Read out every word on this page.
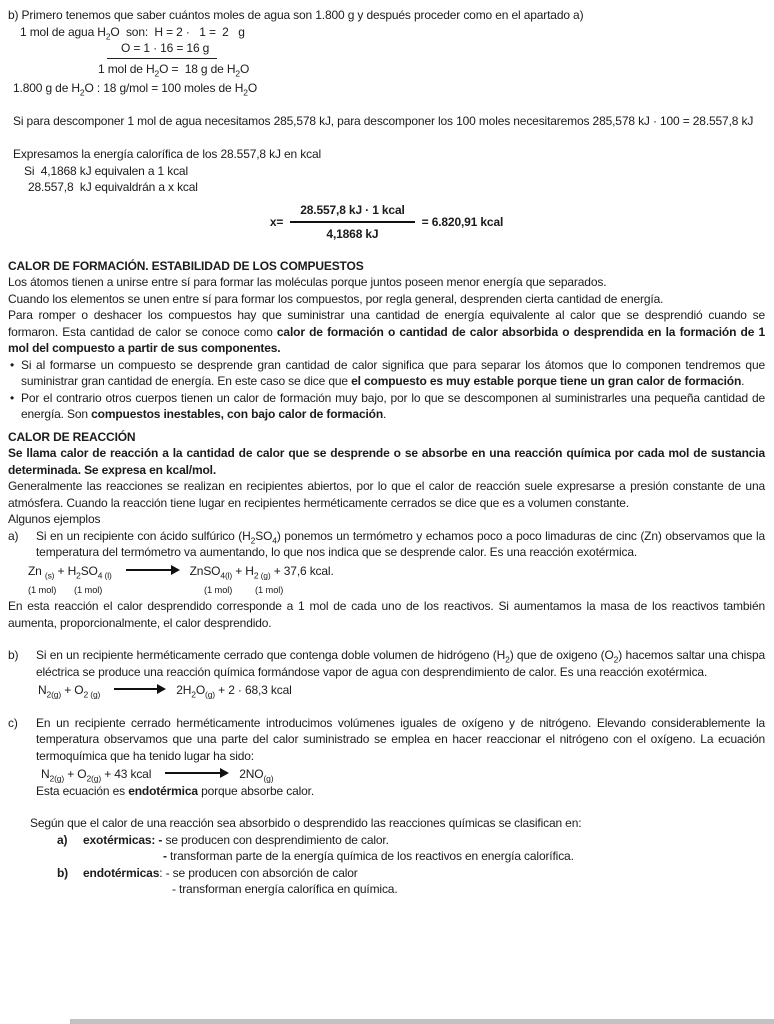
b) Primero tenemos que saber cuántos moles de agua son 1.800 g y después proceder como en el apartado a)
1 mol de agua $H_2O$  son:  H = 2 ·   1 =  2   g
O = 1 · 16 = 16 g
1 mol de $H_2O = 18$ g de $H_2O$
1.800 g de $H_2O$ : 18 g/mol = 100 moles de $H_2O$
Si para descomponer 1 mol de agua necesitamos 285,578 kJ, para descomponer los 100 moles necesitaremos 285,578 kJ · 100 = 28.557,8 kJ
Expresamos la energía calorífica de los 28.557,8 kJ en kcal
Si  4,1868 kJ equivalen a 1 kcal
28.557,8  kJ equivaldrán a x kcal
$x= \frac{\text{28.557,8 kJ · 1 kcal}}{4,1868 kJ} = 6.820,91$ kcal
CALOR DE FORMACIÓN. ESTABILIDAD DE LOS COMPUESTOS
Los átomos tienen a unirse entre sí para formar las moléculas porque juntos poseen menor energía que separados.
Cuando los elementos se unen entre sí para formar los compuestos, por regla general, desprenden cierta cantidad de energía.
Para romper o deshacer los compuestos hay que suministrar una cantidad de energía equivalente al calor que se desprendió cuando se formaron. Esta cantidad de calor se conoce como calor de formación o cantidad de calor absorbida o desprendida en la formación de 1 mol del compuesto a partir de sus componentes.
• Si al formarse un compuesto se desprende gran cantidad de calor significa que para separar los átomos que lo componen tendremos que suministrar gran cantidad de energía. En este caso se dice que el compuesto es muy estable porque tiene un gran calor de formación.
• Por el contrario otros cuerpos tienen un calor de formación muy bajo, por lo que se descomponen al suministrarles una pequeña cantidad de energía. Son compuestos inestables, con bajo calor de formación.
CALOR DE REACCIÓN
Se llama calor de reacción a la cantidad de calor que se desprende o se absorbe en una reacción química por cada mol de sustancia determinada. Se expresa en kcal/mol.
Generalmente las reacciones se realizan en recipientes abiertos, por lo que el calor de reacción suele expresarse a presión constante de una atmósfera. Cuando la reacción tiene lugar en recipientes herméticamente cerrados se dice que es a volumen constante.
Algunos ejemplos
a)	Si en un recipiente con ácido sulfúrico $(H_2SO_4)$ ponemos un termómetro y echamos poco a poco limaduras de cinc (Zn) observamos que la temperatura del termómetro va aumentando, lo que nos indica que se desprende calor. Es una reacción exotérmica.
Zn $_{(s)} + H_2SO_{4 (l)}$	ZnSO$_{4(l)}$ + $H_{2 (g)} + 37,6$ kcal.
(1 mol) (1 mol)	(1 mol) (1 mol)
En esta reacción el calor desprendido corresponde a 1 mol de cada uno de los reactivos. Si aumentamos la masa de los reactivos también aumenta, proporcionalmente, el calor desprendido.
b)	Si en un recipiente herméticamente cerrado que contenga doble volumen de hidrógeno $(H_2)$ que de oxigeno $(O_2)$ hacemos saltar una chispa eléctrica se produce una reacción química formándose vapor de agua con desprendimiento de calor. Es una reacción exotérmica.
$N_{2(g)} + O_{2 (g)}$	$2H_2O_{(g)} + 2 \cdot 68,3$ kcal
c)	En un recipiente cerrado herméticamente introducimos volúmenes iguales de oxígeno y de nitrógeno. Elevando considerablemente la temperatura observamos que una parte del calor suministrado se emplea en hacer reaccionar el nitrógeno con el oxígeno. La ecuación termoquímica que ha tenido lugar ha sido:
$N_{2(g)} + O_{2(g)} + 43$ kcal	$2NO_{(g)}$
Esta ecuación es endotérmica porque absorbe calor.
Según que el calor de una reacción sea absorbido o desprendido las reacciones químicas se clasifican en:
a)	exotérmicas: - se producen con desprendimiento de calor.
- transforman parte de la energía química de los reactivos en energía calorífica.
b)	endotérmicas: - se producen con absorción de calor
- transforman energía calorífica en química.
